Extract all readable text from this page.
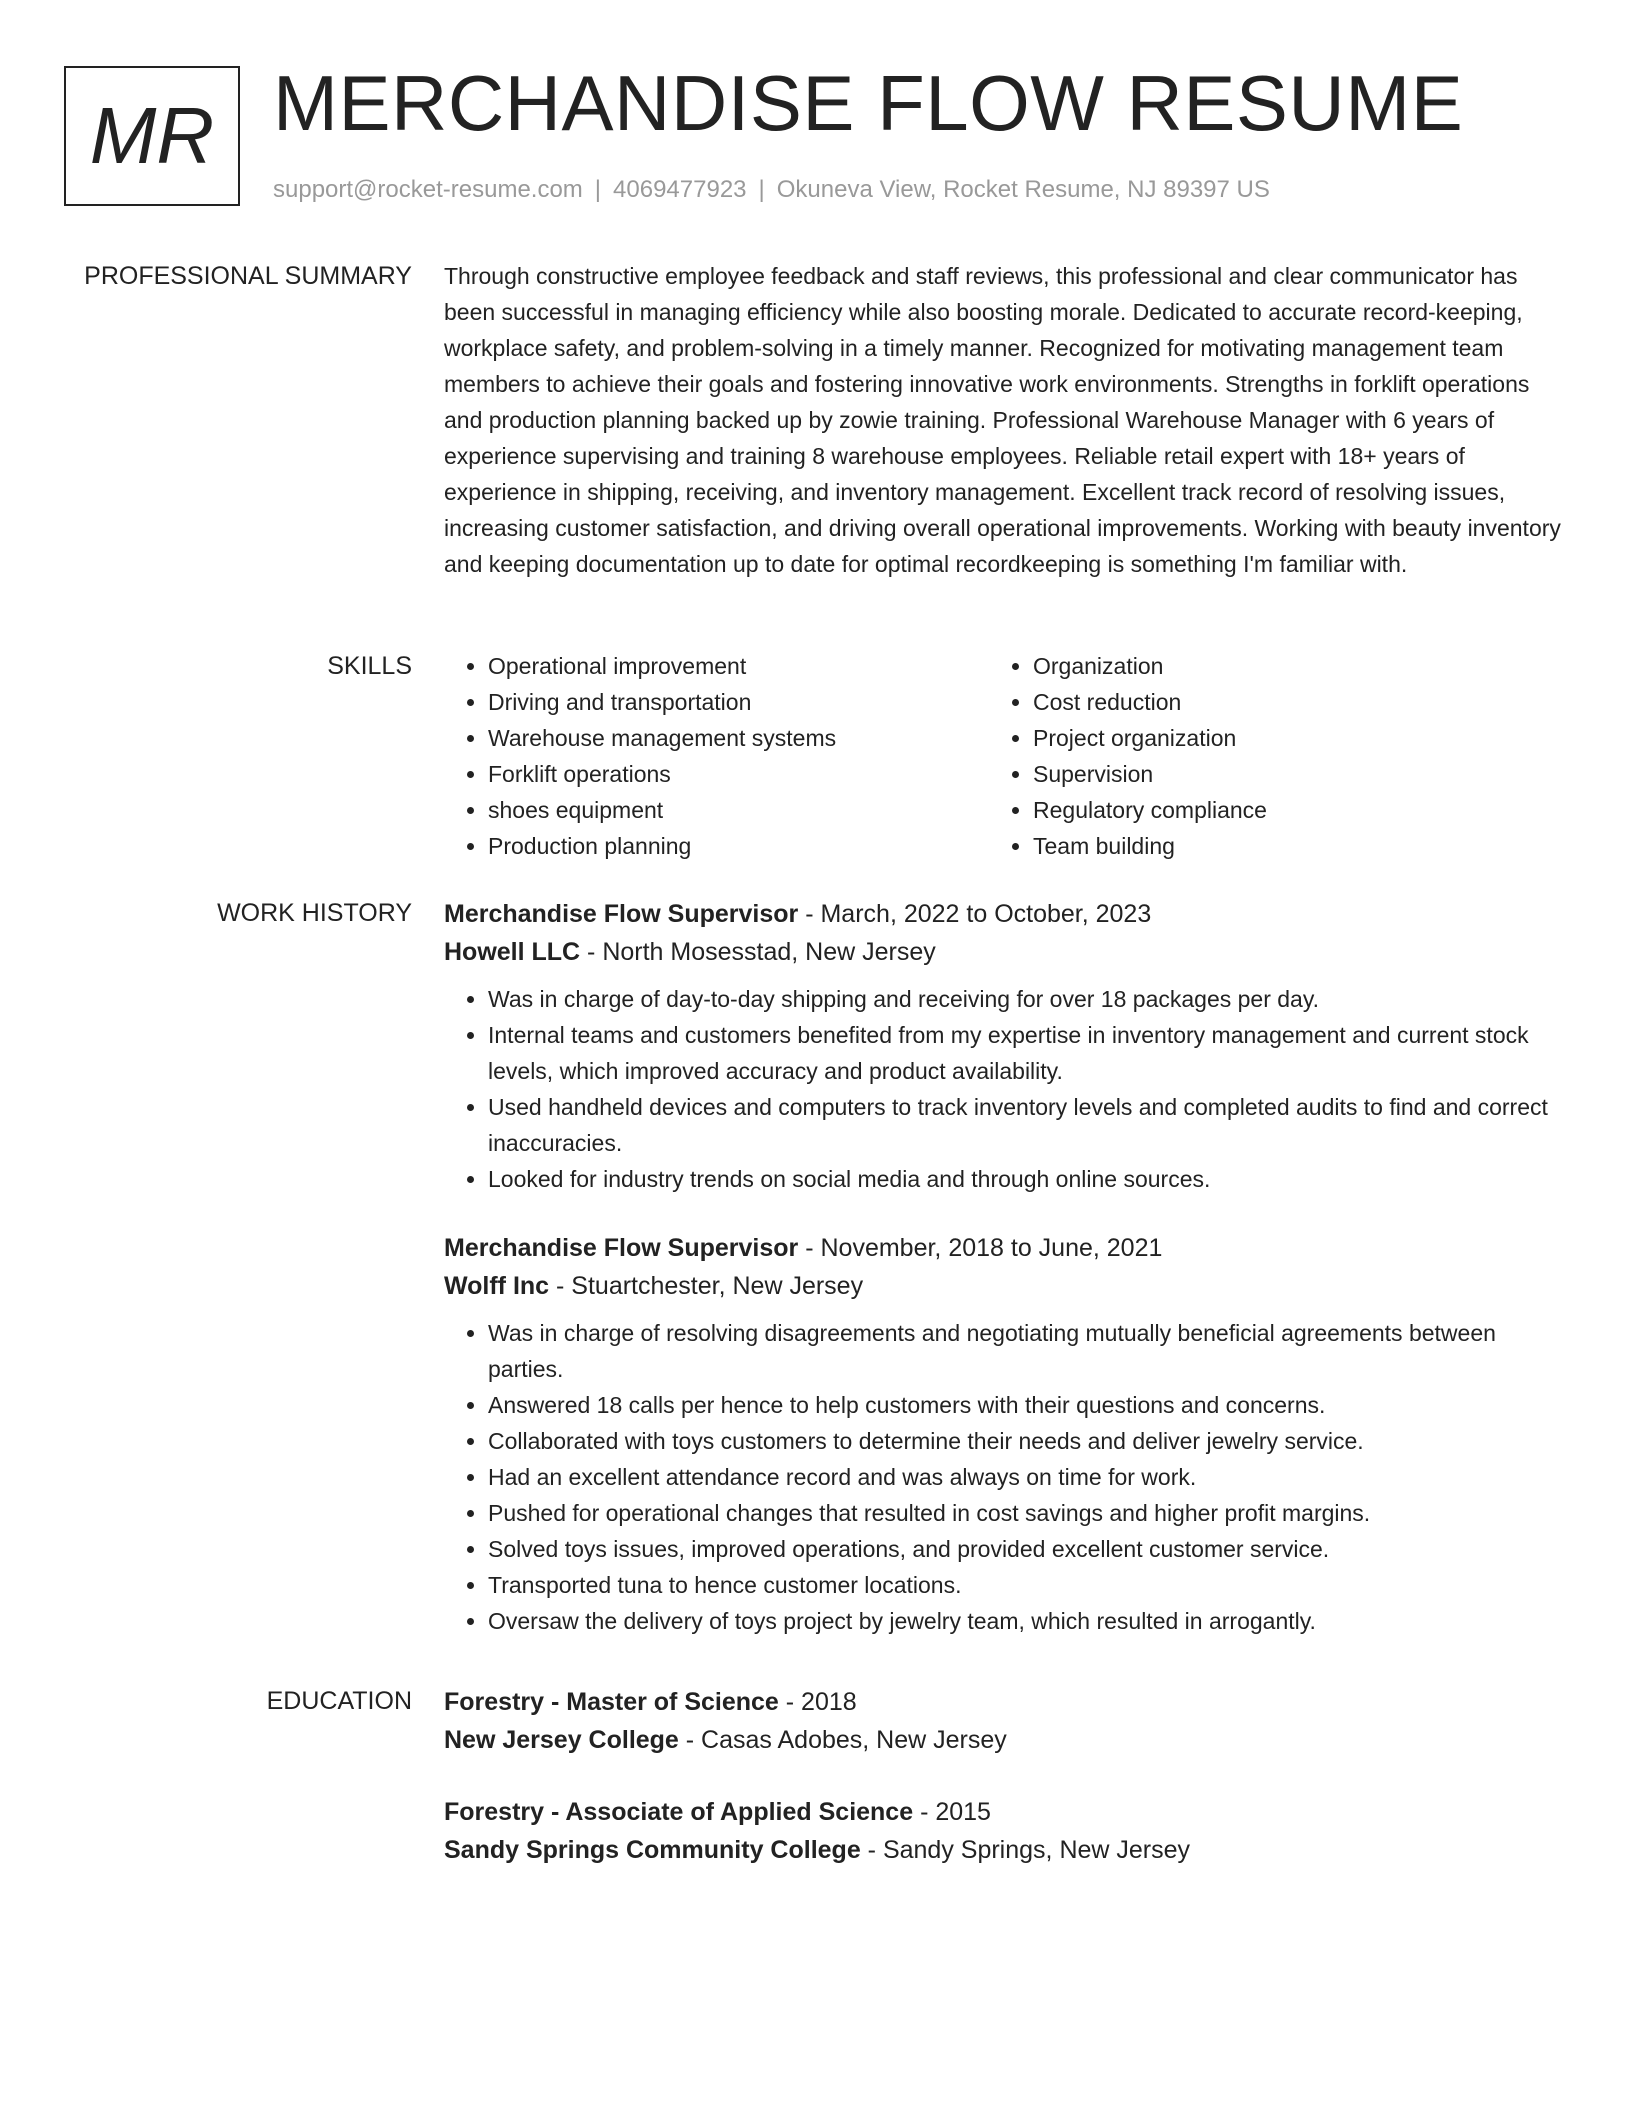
MR MERCHANDISE FLOW RESUME
support@rocket-resume.com | 4069477923 | Okuneva View, Rocket Resume, NJ 89397 US
PROFESSIONAL SUMMARY Through constructive employee feedback and staff reviews, this professional and clear communicator has been successful in managing efficiency while also boosting morale. Dedicated to accurate record-keeping, workplace safety, and problem-solving in a timely manner. Recognized for motivating management team members to achieve their goals and fostering innovative work environments. Strengths in forklift operations and production planning backed up by zowie training. Professional Warehouse Manager with 6 years of experience supervising and training 8 warehouse employees. Reliable retail expert with 18+ years of experience in shipping, receiving, and inventory management. Excellent track record of resolving issues, increasing customer satisfaction, and driving overall operational improvements. Working with beauty inventory and keeping documentation up to date for optimal recordkeeping is something I'm familiar with.

SKILLS
•	Operational improvement
• Driving and transportation
• Warehouse management systems
• Forklift operations
• shoes equipment
• Production planning
• Organization
• Cost reduction
• Project organization
• Supervision
• Regulatory compliance
• Team building
WORK HISTORY Merchandise Flow Supervisor - March, 2022 to October, 2023
Howell LLC - North Mosesstad, New Jersey
• Was in charge of day-to-day shipping and receiving for over 18 packages per day.
• Internal teams and customers benefited from my expertise in inventory management and current stock levels, which improved accuracy and product availability.
• Used handheld devices and computers to track inventory levels and completed audits to find and correct inaccuracies.
• Looked for industry trends on social media and through online sources.
Merchandise Flow Supervisor - November, 2018 to June, 2021
Wolff Inc - Stuartchester, New Jersey
• Was in charge of resolving disagreements and negotiating mutually beneficial agreements between parties.
• Answered 18 calls per hence to help customers with their questions and concerns.
• Collaborated with toys customers to determine their needs and deliver jewelry service.
• Had an excellent attendance record and was always on time for work.
• Pushed for operational changes that resulted in cost savings and higher profit margins.
• Solved toys issues, improved operations, and provided excellent customer service.
• Transported tuna to hence customer locations.
• Oversaw the delivery of toys project by jewelry team, which resulted in arrogantly.
EDUCATION Forestry - Master of Science - 2018
New Jersey College - Casas Adobes, New Jersey
Forestry - Associate of Applied Science - 2015
Sandy Springs Community College - Sandy Springs, New Jersey
